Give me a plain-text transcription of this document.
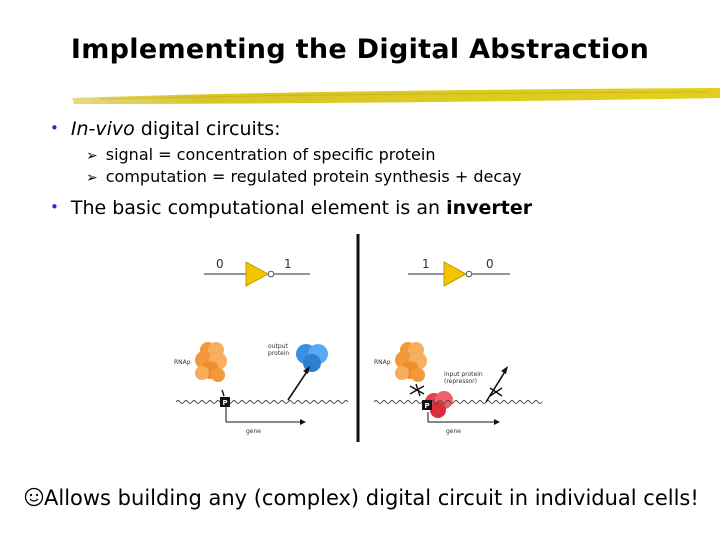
Implementing the Digital Abstraction
• In-vivo digital circuits:
➢ signal = concentration of specific protein
➢ computation = regulated protein synthesis + decay
• The basic computational element is an inverter
0	1
RNAp
output
protein
P
gene
1	0
RNAp
input protein
(repressor)
P
gene
Allows building any (complex) digital circuit in individual cells!
